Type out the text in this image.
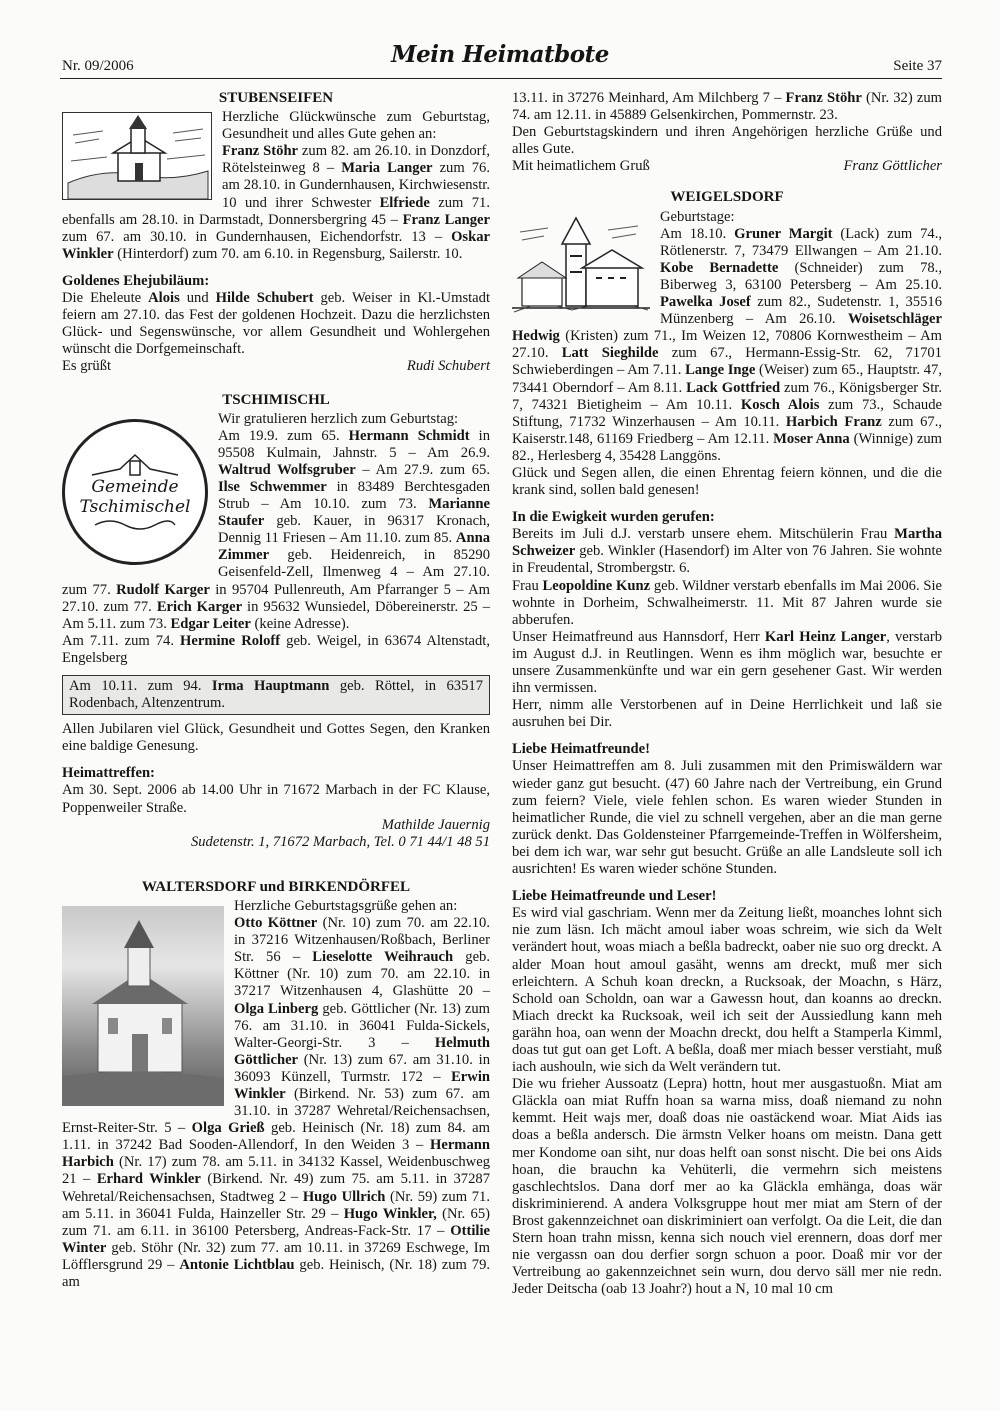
Nr. 09/2006	Mein Heimatbote	Seite 37
STUBENSEIFEN

Herzliche Glückwünsche zum Geburtstag, Gesundheit und alles Gute gehen an:
Franz Stöhr zum 82. am 26.10. in Donzdorf, Rötelsteinweg 8 – Maria Langer zum 76. am 28.10. in Gundernhausen, Kirchwiesenstr. 10 und ihrer Schwester Elfriede zum 71. ebenfalls am 28.10. in Darmstadt, Donnersbergring 45 – Franz Langer zum 67. am 30.10. in Gundernhausen, Eichendorfstr. 13 – Oskar Winkler (Hinterdorf) zum 70. am 6.10. in Regensburg, Sailerstr. 10.

Goldenes Ehejubiläum:

Die Eheleute Alois und Hilde Schubert geb. Weiser in Kl.-Umstadt feiern am 27.10. das Fest der goldenen Hochzeit. Dazu die herzlichsten Glück- und Segenswünsche, vor allem Gesundheit und Wohlergehen wünscht die Dorfgemeinschaft.

Es grüßt	Rudi Schubert
TSCHIMISCHL
Gemeinde
Tschimischel

Wir gratulieren herzlich zum Geburtstag:
Am 19.9. zum 65. Hermann Schmidt in 95508 Kulmain, Jahnstr. 5 – Am 26.9. Waltrud Wolfsgruber – Am 27.9. zum 65. Ilse Schwemmer in 83489 Berchtesgaden Strub – Am 10.10. zum 73. Marianne Staufer geb. Kauer, in 96317 Kronach, Dennig 11 Friesen – Am 11.10. zum 85. Anna Zimmer geb. Heidenreich, in 85290 Geisenfeld-Zell, Ilmenweg 4 – Am 27.10. zum 77. Rudolf Karger in 95704 Pullenreuth, Am Pfarranger 5 – Am 27.10. zum 77. Erich Karger in 95632 Wunsiedel, Döbereinerstr. 25 – Am 5.11. zum 73. Edgar Leiter (keine Adresse).

Am 7.11. zum 74. Hermine Roloff geb. Weigel, in 63674 Altenstadt, Engelsberg

Am 10.11. zum 94. Irma Hauptmann geb. Röttel, in 63517 Rodenbach, Altenzentrum.

Allen Jubilaren viel Glück, Gesundheit und Gottes Segen, den Kranken eine baldige Genesung.

Heimattreffen:

Am 30. Sept. 2006 ab 14.00 Uhr in 71672 Marbach in der FC Klause, Poppenweiler Straße.

Mathilde Jauernig
Sudetenstr. 1, 71672 Marbach, Tel. 0 71 44/1 48 51
WALTERSDORF und BIRKENDÖRFEL

Herzliche Geburtstagsgrüße gehen an:
Otto Köttner (Nr. 10) zum 70. am 22.10. in 37216 Witzenhausen/Roßbach, Berliner Str. 56 – Lieselotte Weihrauch geb. Köttner (Nr. 10) zum 70. am 22.10. in 37217 Witzenhausen 4, Glashütte 20 – Olga Linberg geb. Göttlicher (Nr. 13) zum 76. am 31.10. in 36041 Fulda-Sickels, Walter-Georgi-Str. 3 – Helmuth Göttlicher (Nr. 13) zum 67. am 31.10. in 36093 Künzell, Turmstr. 172 – Erwin Winkler (Birkend. Nr. 53) zum 67. am 31.10. in 37287 Wehretal/Reichensachsen, Ernst-Reiter-Str. 5 – Olga Grieß geb. Heinisch (Nr. 18) zum 84. am 1.11. in 37242 Bad Sooden-Allendorf, In den Weiden 3 – Hermann Harbich (Nr. 17) zum 78. am 5.11. in 34132 Kassel, Weidenbuschweg 21 – Erhard Winkler (Birkend. Nr. 49) zum 75. am 5.11. in 37287 Wehretal/Reichensachsen, Stadtweg 2 – Hugo Ullrich (Nr. 59) zum 71. am 5.11. in 36041 Fulda, Hainzeller Str. 29 – Hugo Winkler, (Nr. 65) zum 71. am 6.11. in 36100 Petersberg, Andreas-Fack-Str. 17 – Ottilie Winter geb. Stöhr (Nr. 32) zum 77. am 10.11. in 37269 Eschwege, Im Löfflersgrund 29 – Antonie Lichtblau geb. Heinisch, (Nr. 18) zum 79. am

13.11. in 37276 Meinhard, Am Milchberg 7 – Franz Stöhr (Nr. 32) zum 74. am 12.11. in 45889 Gelsenkirchen, Pommernstr. 23.

Den Geburtstagskindern und ihren Angehörigen herzliche Grüße und alles Gute.

Mit heimatlichem Gruß	Franz Göttlicher
WEIGELSDORF

Geburtstage:
Am 18.10. Gruner Margit (Lack) zum 74., Rötlenerstr. 7, 73479 Ellwangen – Am 21.10. Kobe Bernadette (Schneider) zum 78., Biberweg 3, 63100 Petersberg – Am 25.10. Pawelka Josef zum 82., Sudetenstr. 1, 35516 Münzenberg – Am 26.10. Woisetschläger Hedwig (Kristen) zum 71., Im Weizen 12, 70806 Kornwestheim – Am 27.10. Latt Sieghilde zum 67., Hermann-Essig-Str. 62, 71701 Schwieberdingen – Am 7.11. Lange Inge (Weiser) zum 65., Hauptstr. 47, 73441 Oberndorf – Am 8.11. Lack Gottfried zum 76., Königsberger Str. 7, 74321 Bietigheim – Am 10.11. Kosch Alois zum 73., Schaude Stiftung, 71732 Winzerhausen – Am 10.11. Harbich Franz zum 67., Kaiserstr.148, 61169 Friedberg – Am 12.11. Moser Anna (Winnige) zum 82., Herlesberg 4, 35428 Langgöns.

Glück und Segen allen, die einen Ehrentag feiern können, und die die krank sind, sollen bald genesen!

In die Ewigkeit wurden gerufen:

Bereits im Juli d.J. verstarb unsere ehem. Mitschülerin Frau Martha Schweizer geb. Winkler (Hasendorf) im Alter von 76 Jahren. Sie wohnte in Freudental, Strombergstr. 6.

Frau Leopoldine Kunz geb. Wildner verstarb ebenfalls im Mai 2006. Sie wohnte in Dorheim, Schwalheimerstr. 11. Mit 87 Jahren wurde sie abberufen.

Unser Heimatfreund aus Hannsdorf, Herr Karl Heinz Langer, verstarb im August d.J. in Reutlingen. Wenn es ihm möglich war, besuchte er unsere Zusammenkünfte und war ein gern gesehener Gast. Wir werden ihn vermissen.

Herr, nimm alle Verstorbenen auf in Deine Herrlichkeit und laß sie ausruhen bei Dir.

Liebe Heimatfreunde!

Unser Heimattreffen am 8. Juli zusammen mit den Primiswäldern war wieder ganz gut besucht. (47) 60 Jahre nach der Vertreibung, ein Grund zum feiern? Viele, viele fehlen schon. Es waren wieder Stunden in heimatlicher Runde, die viel zu schnell vergehen, aber an die man gerne zurück denkt. Das Goldensteiner Pfarrgemeinde-Treffen in Wölfersheim, bei dem ich war, war sehr gut besucht. Grüße an alle Landsleute soll ich ausrichten! Es waren wieder schöne Stunden.

Liebe Heimatfreunde und Leser!

Es wird vial gaschriam. Wenn mer da Zeitung ließt, moanches lohnt sich nie zum läsn. Ich mächt amoul iaber woas schreim, wie sich da Welt verändert hout, woas miach a beßla badreckt, oaber nie suo org dreckt. A alder Moan hout amoul gasäht, wenns am dreckt, muß mer sich erleichtern. A Schuh koan dreckn, a Rucksoak, der Moachn, s Härz, Schold oan Scholdn, oan war a Gawessn hout, dan koanns ao dreckn. Miach dreckt ka Rucksoak, weil ich seit der Aussiedlung kann meh garähn hoa, oan wenn der Moachn dreckt, dou helft a Stamperla Kimml, doas tut gut oan get Loft. A beßla, doaß mer miach besser verstiaht, muß iach aushouln, wie sich da Welt verändern tut.

Die wu frieher Aussoatz (Lepra) hottn, hout mer ausgastuoßn. Miat am Gläckla oan miat Ruffn hoan sa warna miss, doaß niemand zu nohn kemmt. Heit wajs mer, doaß doas nie oastäckend woar. Miat Aids ias doas a beßla andersch. Die ärmstn Velker hoans om meistn. Dana gett mer Kondome oan siht, nur doas helft oan sonst nischt. Die bei ons Aids hoan, die brauchn ka Vehüterli, die vermehrn sich meistens gaschlechtslos. Dana dorf mer ao ka Gläckla emhänga, doas wär diskriminierend. A andera Volksgruppe hout mer miat am Stern of der Brost gakennzeichnet oan diskriminiert oan verfolgt. Oa die Leit, die dan Stern hoan trahn missn, kenna sich nouch viel erennern, doas dorf mer nie vergassn oan dou derfier sorgn schuon a poor. Doaß mir vor der Vertreibung ao gakennzeichnet sein wurn, dou dervo säll mer nie redn. Jeder Deitscha (oab 13 Joahr?) hout a N, 10 mal 10 cm
